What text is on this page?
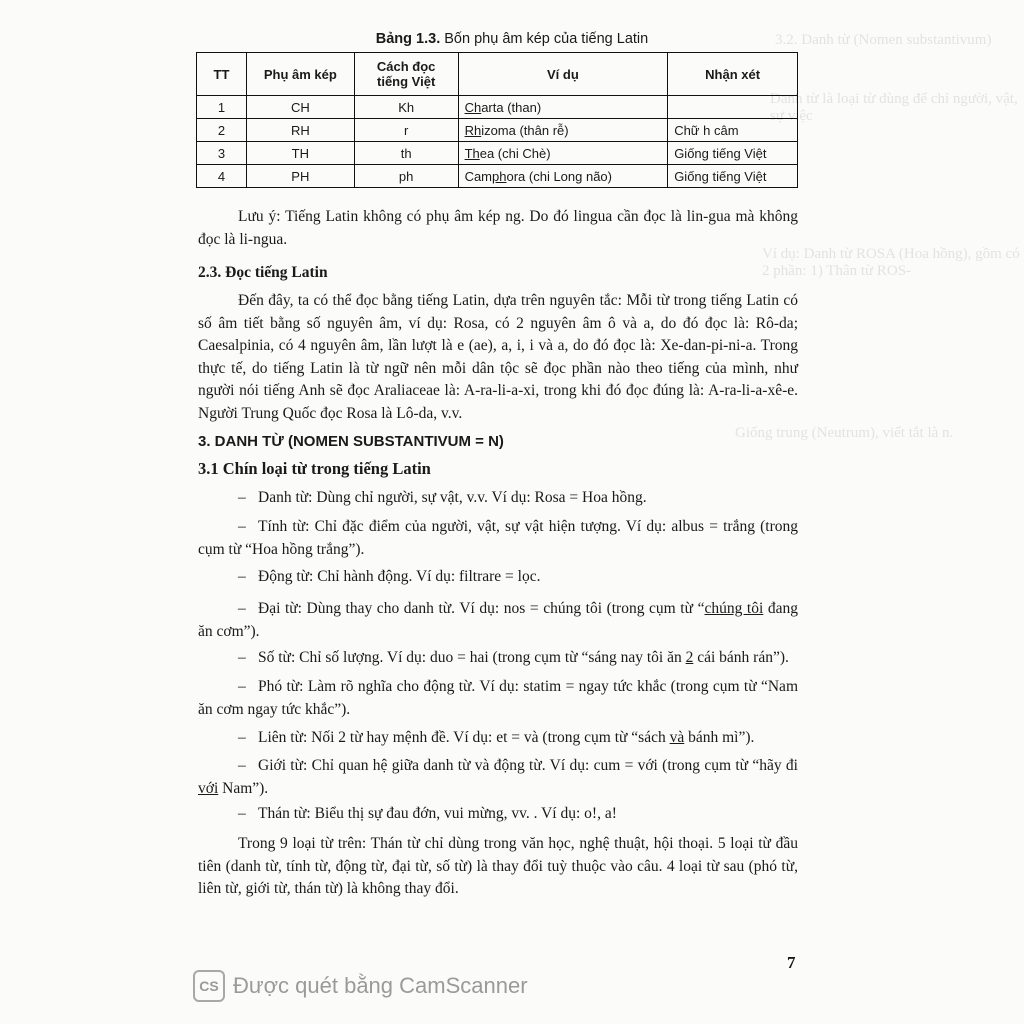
3.2. Danh từ (Nomen substantivum)
Danh từ là loại từ dùng để chỉ người, vật, sự việc
Ví dụ: Danh từ ROSA (Hoa hồng), gồm có 2 phần: 1) Thân từ ROS-
Giống trung (Neutrum), viết tắt là n.
Bảng 1.3. Bốn phụ âm kép của tiếng Latin
TT	Phụ âm kép	Cách đọc tiếng Việt	Ví dụ	Nhận xét
1	CH	Kh	Charta (than)	
2	RH	r	Rhizoma (thân rễ)	Chữ h câm
3	TH	th	Thea (chi Chè)	Giống tiếng Việt
4	PH	ph	Camphora (chi Long não)	Giống tiếng Việt

Lưu ý: Tiếng Latin không có phụ âm kép ng. Do đó lingua cần đọc là lin-gua mà không đọc là li-ngua.

2.3. Đọc tiếng Latin

Đến đây, ta có thể đọc bằng tiếng Latin, dựa trên nguyên tắc: Mỗi từ trong tiếng Latin có số âm tiết bằng số nguyên âm, ví dụ: Rosa, có 2 nguyên âm ô và a, do đó đọc là: Rô-da; Caesalpinia, có 4 nguyên âm, lần lượt là e (ae), a, i, i và a, do đó đọc là: Xe-dan-pi-ni-a. Trong thực tế, do tiếng Latin là từ ngữ nên mỗi dân tộc sẽ đọc phần nào theo tiếng của mình, như người nói tiếng Anh sẽ đọc Araliaceae là: A-ra-li-a-xi, trong khi đó đọc đúng là: A-ra-li-a-xê-e. Người Trung Quốc đọc Rosa là Lô-da, v.v.

3. DANH TỪ (NOMEN SUBSTANTIVUM = N)

3.1 Chín loại từ trong tiếng Latin

– Danh từ: Dùng chỉ người, sự vật, v.v. Ví dụ: Rosa = Hoa hồng.

– Tính từ: Chỉ đặc điểm của người, vật, sự vật hiện tượng. Ví dụ: albus = trắng (trong cụm từ “Hoa hồng trắng”).

– Động từ: Chỉ hành động. Ví dụ: filtrare = lọc.

– Đại từ: Dùng thay cho danh từ. Ví dụ: nos = chúng tôi (trong cụm từ “chúng tôi đang ăn cơm”).

– Số từ: Chỉ số lượng. Ví dụ: duo = hai (trong cụm từ “sáng nay tôi ăn 2 cái bánh rán”).

– Phó từ: Làm rõ nghĩa cho động từ. Ví dụ: statim = ngay tức khắc (trong cụm từ “Nam ăn cơm ngay tức khắc”).

– Liên từ: Nối 2 từ hay mệnh đề. Ví dụ: et = và (trong cụm từ “sách và bánh mì”).

– Giới từ: Chỉ quan hệ giữa danh từ và động từ. Ví dụ: cum = với (trong cụm từ “hãy đi với Nam”).

– Thán từ: Biểu thị sự đau đớn, vui mừng, vv. . Ví dụ: o!, a!

Trong 9 loại từ trên: Thán từ chỉ dùng trong văn học, nghệ thuật, hội thoại. 5 loại từ đầu tiên (danh từ, tính từ, động từ, đại từ, số từ) là thay đổi tuỳ thuộc vào câu. 4 loại từ sau (phó từ, liên từ, giới từ, thán từ) là không thay đổi.

7
CS Được quét bằng CamScanner
